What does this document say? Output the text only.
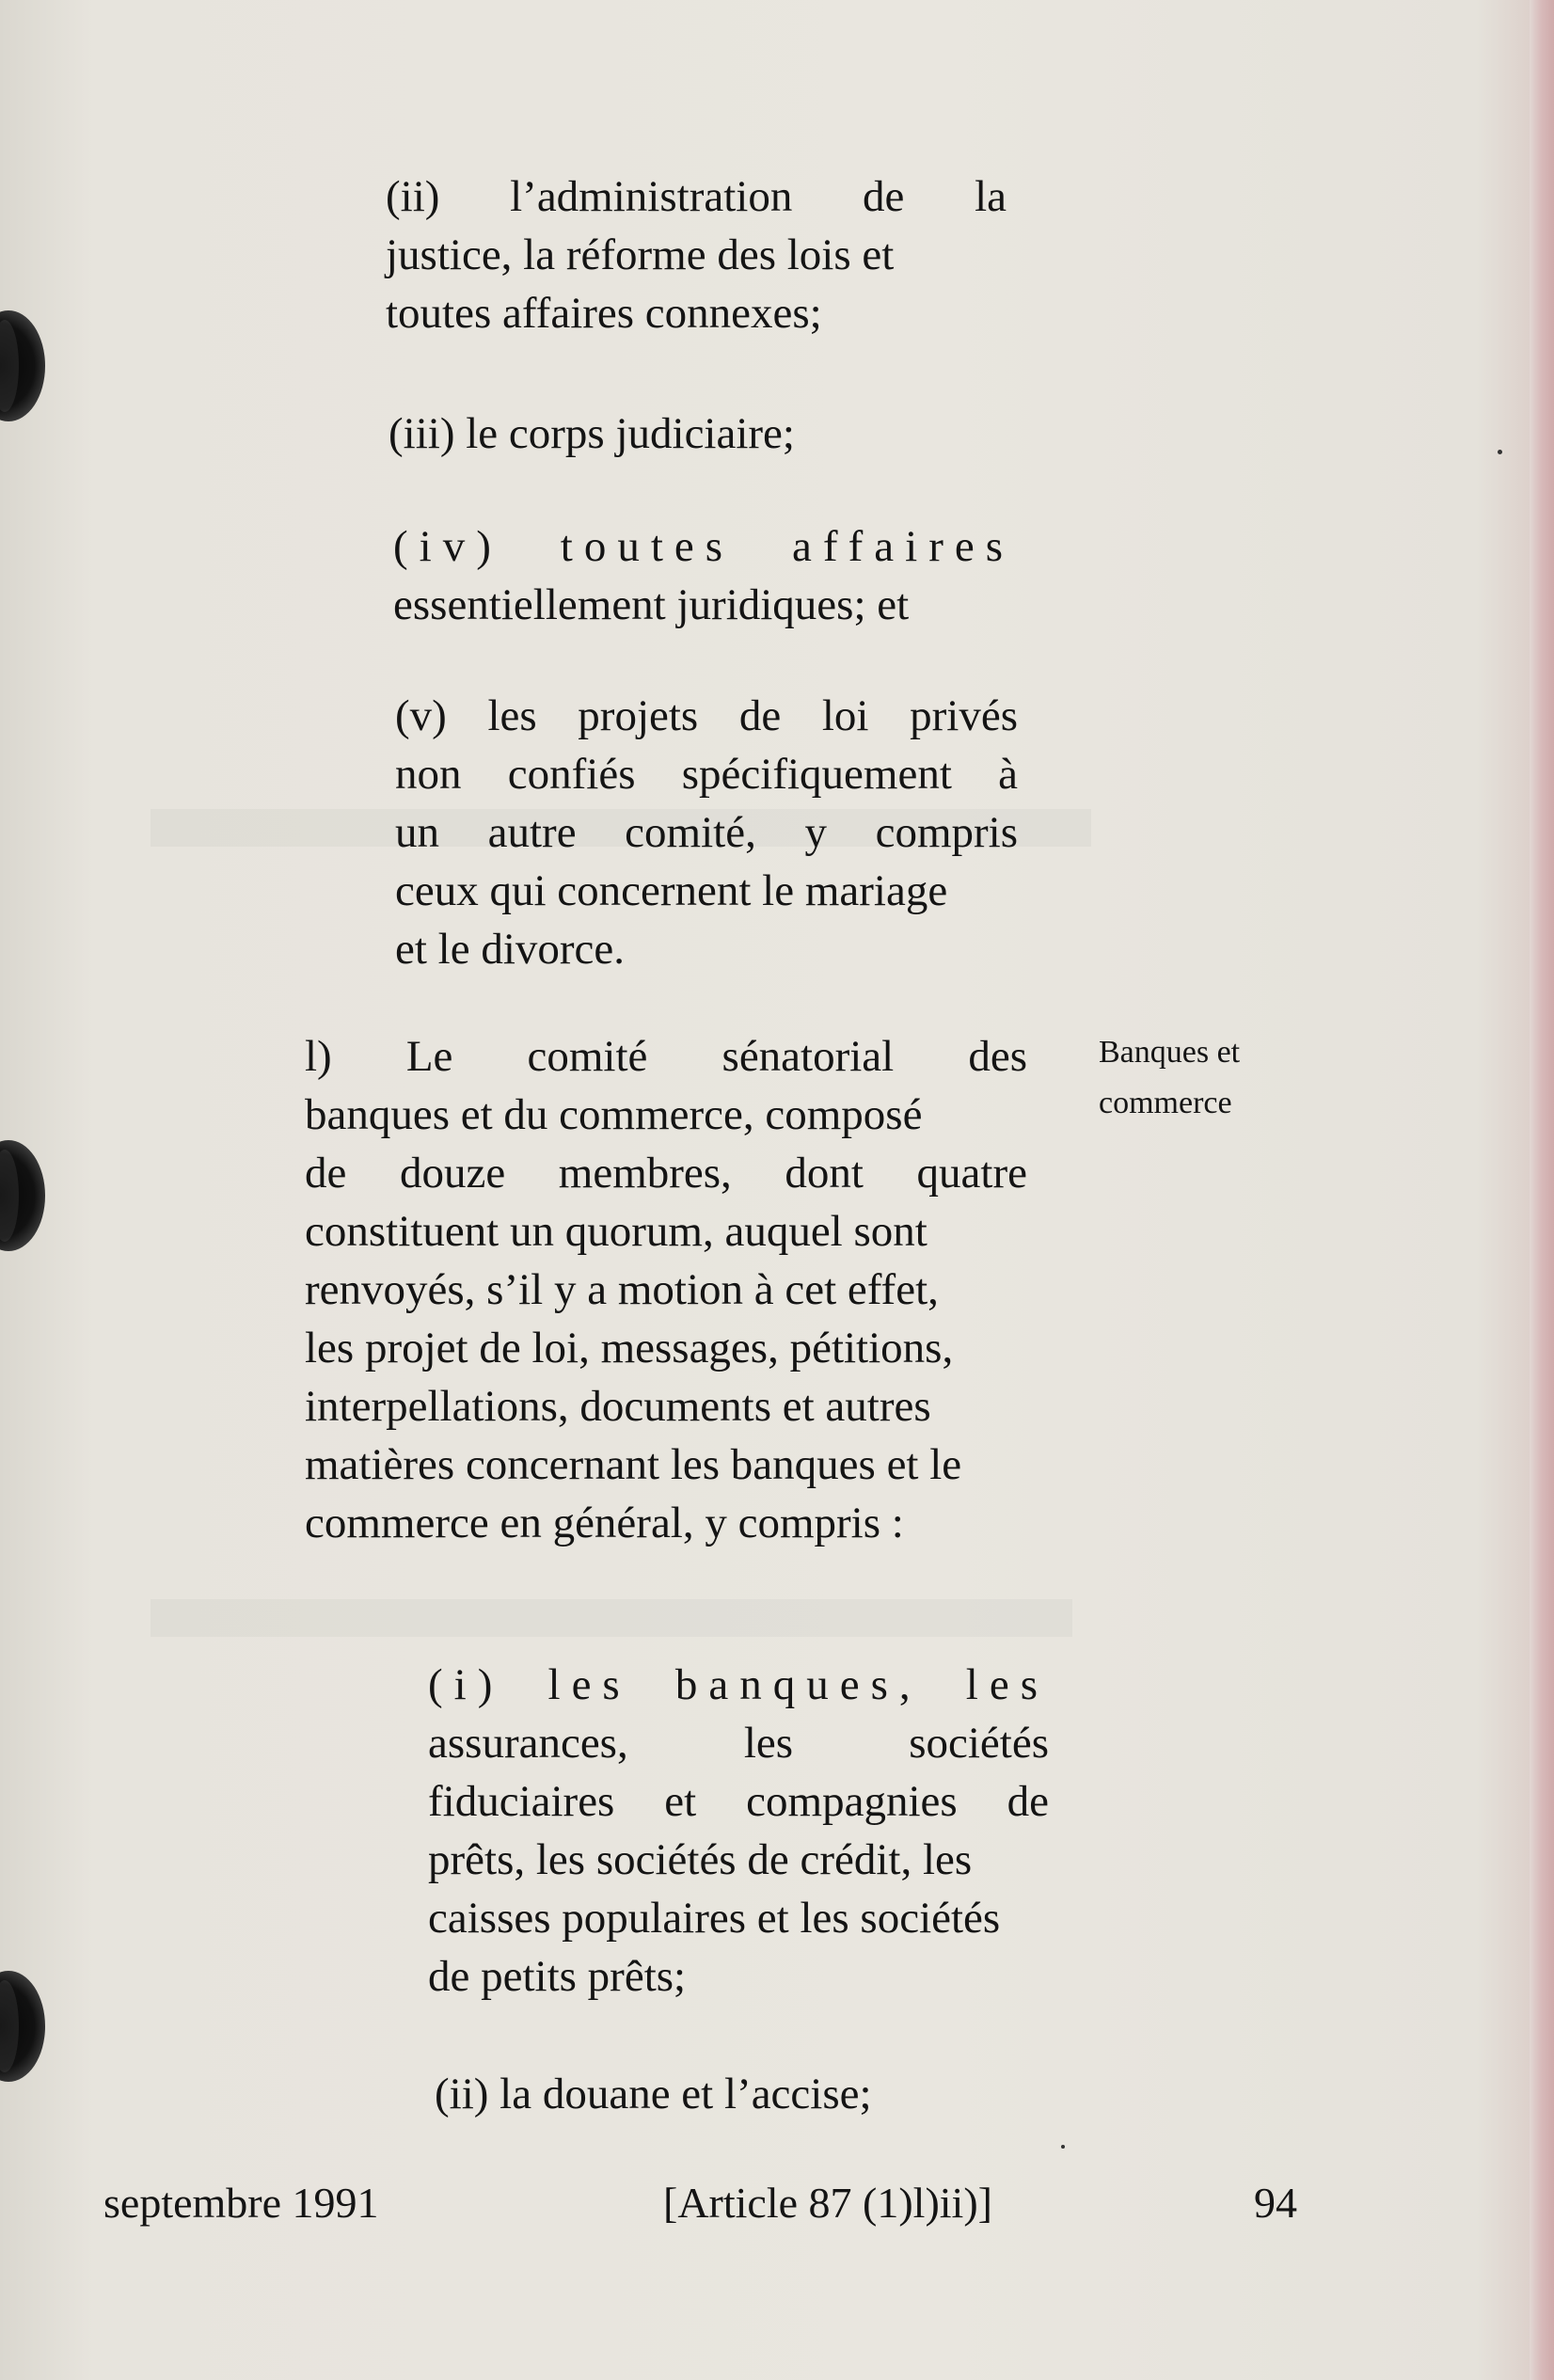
(ii) l’administration de la
justice, la réforme des lois et
toutes affaires connexes;
(iii) le corps judiciaire;
(iv) toutes affaires
essentiellement juridiques; et
(v) les projets de loi privés
non confiés spécifiquement à
un autre comité, y compris
ceux qui concernent le mariage
et le divorce.
l) Le comité sénatorial des
banques et du commerce, composé
de douze membres, dont quatre
constituent un quorum, auquel sont
renvoyés, s’il y a motion à cet effet,
les projet de loi, messages, pétitions,
interpellations, documents et autres
matières concernant les banques et le
commerce en général, y compris :
(i) les banques, les
assurances, les sociétés
fiduciaires et compagnies de
prêts, les sociétés de crédit, les
caisses populaires et les sociétés
de petits prêts;
(ii) la douane et l’accise;
Banques et
commerce
septembre 1991	[Article 87 (1)l)ii)]	94
